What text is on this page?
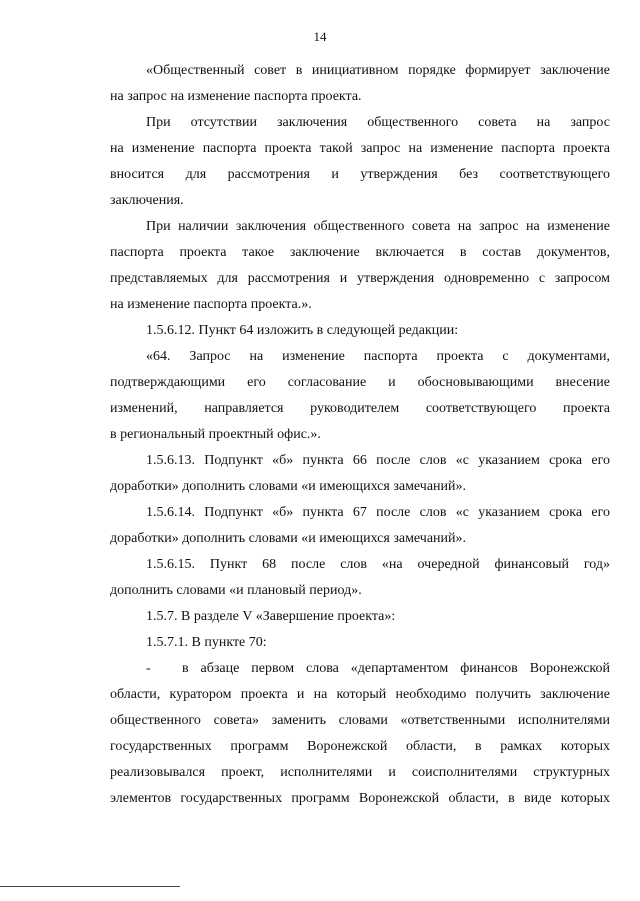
14
«Общественный совет в инициативном порядке формирует заключение
на запрос на изменение паспорта проекта.
При отсутствии заключения общественного совета на запрос
на изменение паспорта проекта такой запрос на изменение паспорта проекта
вносится для рассмотрения и утверждения без соответствующего
заключения.
При наличии заключения общественного совета на запрос на изменение
паспорта проекта такое заключение включается в состав документов,
представляемых для рассмотрения и утверждения одновременно с запросом
на изменение паспорта проекта.».
1.5.6.12. Пункт 64 изложить в следующей редакции:
«64. Запрос на изменение паспорта проекта с документами,
подтверждающими его согласование и обосновывающими внесение
изменений, направляется руководителем соответствующего проекта
в региональный проектный офис.».
1.5.6.13. Подпункт «б» пункта 66 после слов «с указанием срока его
доработки» дополнить словами «и имеющихся замечаний».
1.5.6.14. Подпункт «б» пункта 67 после слов «с указанием срока его
доработки» дополнить словами «и имеющихся замечаний».
1.5.6.15. Пункт 68 после слов «на очередной финансовый год»
дополнить словами «и плановый период».
1.5.7. В разделе V «Завершение проекта»:
1.5.7.1. В пункте 70:
-	в абзаце первом слова «департаментом финансов Воронежской
области, куратором проекта и на который необходимо получить заключение
общественного совета» заменить словами «ответственными исполнителями
государственных программ Воронежской области, в рамках которых
реализовывался проект, исполнителями и соисполнителями структурных
элементов государственных программ Воронежской области, в виде которых
